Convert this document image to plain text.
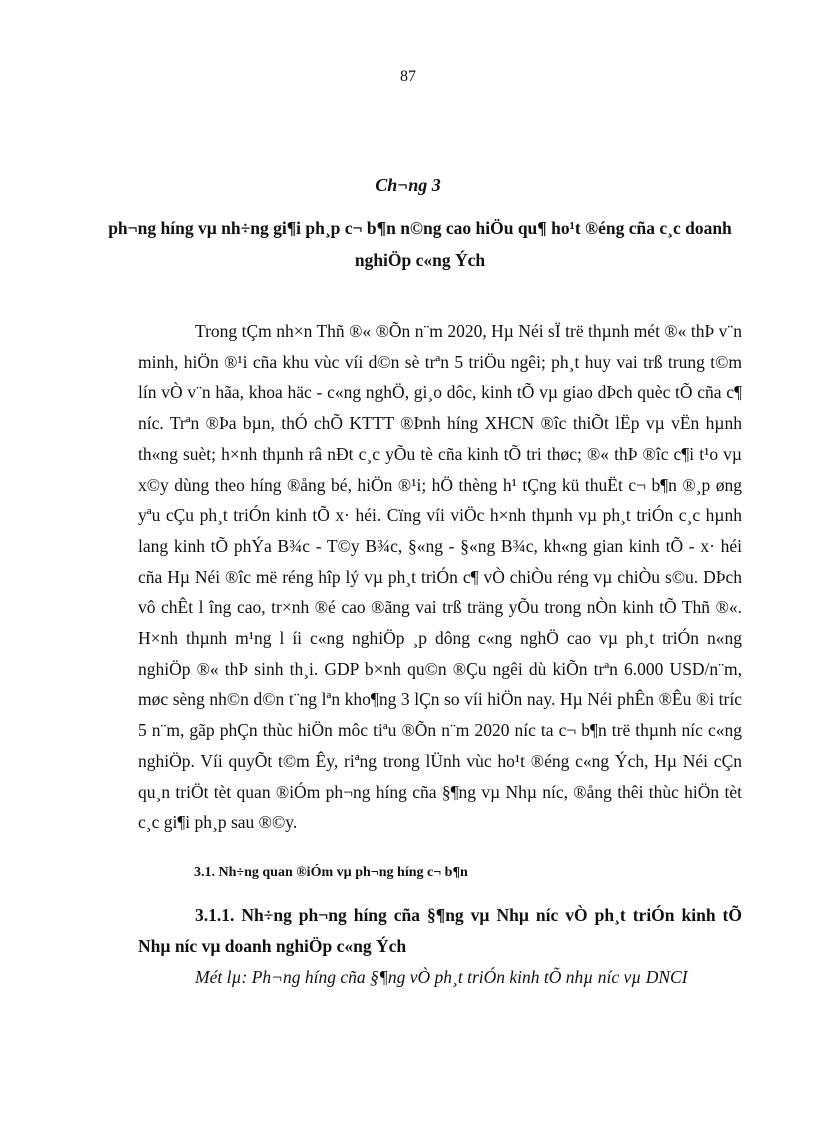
87
Ch¬ng 3
ph¬ng híng vµ nh÷ng gi¶i ph¸p c¬ b¶n n©ng cao hiÖu qu¶ ho¹t ®éng cña c¸c doanh nghiÖp c«ng Ých

Trong tÇm nh×n Thñ ®« ®Õn n¨m 2020, Hµ Néi sÏ trë thµnh mét ®« thÞ v¨n minh, hiÖn ®¹i cña khu vùc víi d©n sè trªn 5 triÖu ngêi; ph¸t huy vai trß trung t©m lín vÒ v¨n hãa, khoa häc - c«ng nghÖ, gi¸o dôc, kinh tÕ vµ giao dÞch quèc tÕ cña c¶ níc. Trªn ®Þa bµn, thÓ chÕ KTTT ®Þnh híng XHCN ®îc thiÕt lËp vµ vËn hµnh th«ng suèt; h×nh thµnh râ nÐt c¸c yÕu tè cña kinh tÕ tri thøc; ®« thÞ ®îc c¶i t¹o vµ x©y dùng theo híng ®ång bé, hiÖn ®¹i; hÖ thèng h¹ tÇng kü thuËt c¬ b¶n ®¸p øng yªu cÇu ph¸t triÓn kinh tÕ x· héi. Cïng víi viÖc h×nh thµnh vµ ph¸t triÓn c¸c hµnh lang kinh tÕ phÝa B¾c - T©y B¾c, §«ng - §«ng B¾c, kh«ng gian kinh tÕ - x· héi cña Hµ Néi ®îc më réng hîp lý vµ ph¸t triÓn c¶ vÒ chiÒu réng vµ chiÒu s©u. DÞch vô chÊt l îng cao, tr×nh ®é cao ®ãng vai trß träng yÕu trong nÒn kinh tÕ Thñ ®«. H×nh thµnh m¹ng l íi c«ng nghiÖp ¸p dông c«ng nghÖ cao vµ ph¸t triÓn n«ng nghiÖp ®« thÞ sinh th¸i. GDP b×nh qu©n ®Çu ngêi dù kiÕn trªn 6.000 USD/n¨m, møc sèng nh©n d©n t¨ng lªn kho¶ng 3 lÇn so víi hiÖn nay. Hµ Néi phÊn ®Êu ®i tríc 5 n¨m, gãp phÇn thùc hiÖn môc tiªu ®Õn n¨m 2020 níc ta c¬ b¶n trë thµnh níc c«ng nghiÖp. Víi quyÕt t©m Êy, riªng trong lÜnh vùc ho¹t ®éng c«ng Ých, Hµ Néi cÇn qu¸n triÖt tèt quan ®iÓm ph¬ng híng cña §¶ng vµ Nhµ níc, ®ång thêi thùc hiÖn tèt c¸c gi¶i ph¸p sau ®©y.

3.1. Nh÷ng quan ®iÓm vµ ph¬ng híng c¬ b¶n

3.1.1. Nh÷ng ph¬ng híng cña §¶ng vµ Nhµ níc vÒ ph¸t triÓn kinh tÕ Nhµ níc vµ doanh nghiÖp c«ng Ých

Mét lµ: Ph¬ng híng cña §¶ng vÒ ph¸t triÓn kinh tÕ nhµ níc vµ DNCI
